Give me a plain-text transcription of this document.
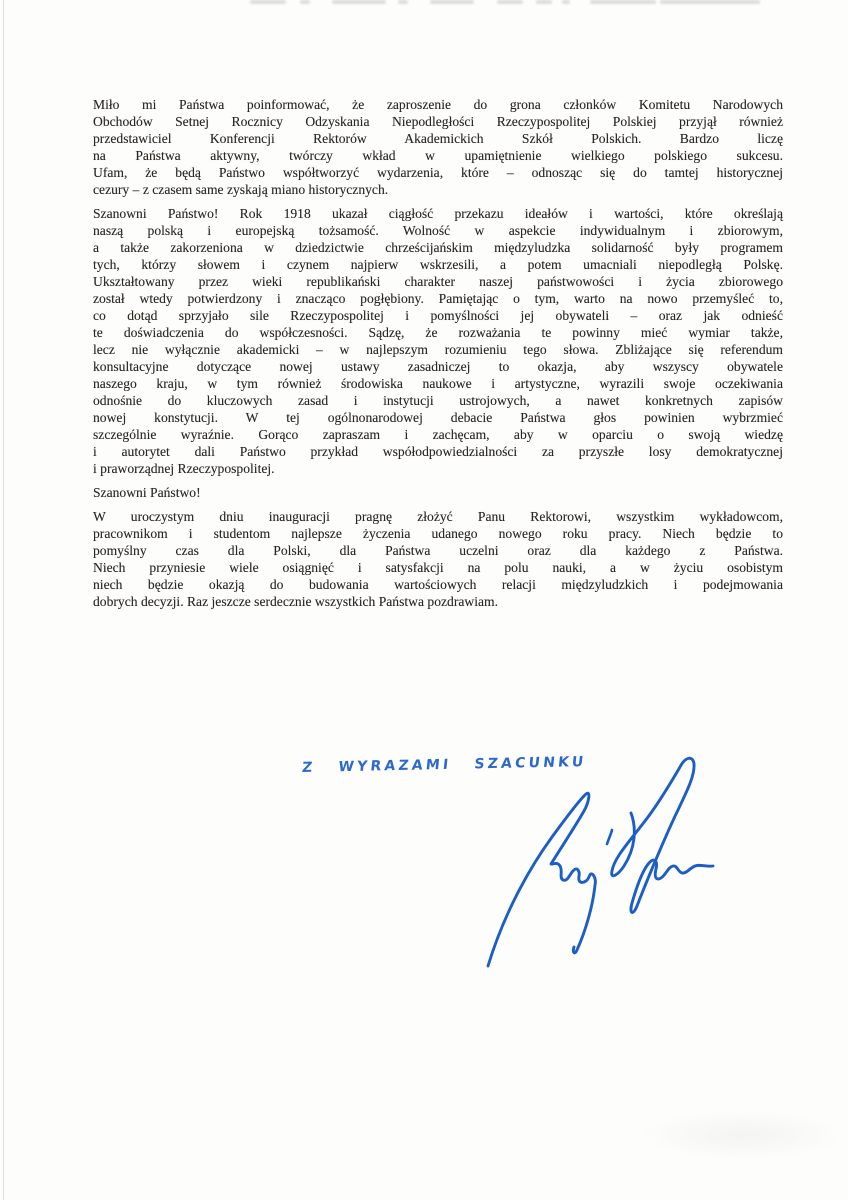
Miło mi Państwa poinformować, że zaproszenie do grona członków Komitetu Narodowych
Obchodów Setnej Rocznicy Odzyskania Niepodległości Rzeczypospolitej Polskiej przyjął również
przedstawiciel Konferencji Rektorów Akademickich Szkół Polskich. Bardzo liczę
na Państwa aktywny, twórczy wkład w upamiętnienie wielkiego polskiego sukcesu.
Ufam, że będą Państwo współtworzyć wydarzenia, które – odnosząc się do tamtej historycznej
cezury – z czasem same zyskają miano historycznych.
Szanowni Państwo! Rok 1918 ukazał ciągłość przekazu ideałów i wartości, które określają
naszą polską i europejską tożsamość. Wolność w aspekcie indywidualnym i zbiorowym,
a także zakorzeniona w dziedzictwie chrześcijańskim międzyludzka solidarność były programem
tych, którzy słowem i czynem najpierw wskrzesili, a potem umacniali niepodległą Polskę.
Ukształtowany przez wieki republikański charakter naszej państwowości i życia zbiorowego
został wtedy potwierdzony i znacząco pogłębiony. Pamiętając o tym, warto na nowo przemyśleć to,
co dotąd sprzyjało sile Rzeczypospolitej i pomyślności jej obywateli – oraz jak odnieść
te doświadczenia do współczesności. Sądzę, że rozważania te powinny mieć wymiar także,
lecz nie wyłącznie akademicki – w najlepszym rozumieniu tego słowa. Zbliżające się referendum
konsultacyjne dotyczące nowej ustawy zasadniczej to okazja, aby wszyscy obywatele
naszego kraju, w tym również środowiska naukowe i artystyczne, wyrazili swoje oczekiwania
odnośnie do kluczowych zasad i instytucji ustrojowych, a nawet konkretnych zapisów
nowej konstytucji. W tej ogólnonarodowej debacie Państwa głos powinien wybrzmieć
szczególnie wyraźnie. Gorąco zapraszam i zachęcam, aby w oparciu o swoją wiedzę
i autorytet dali Państwo przykład współodpowiedzialności za przyszłe losy demokratycznej
i praworządnej Rzeczypospolitej.
Szanowni Państwo!
W uroczystym dniu inauguracji pragnę złożyć Panu Rektorowi, wszystkim wykładowcom,
pracownikom i studentom najlepsze życzenia udanego nowego roku pracy. Niech będzie to
pomyślny czas dla Polski, dla Państwa uczelni oraz dla każdego z Państwa.
Niech przyniesie wiele osiągnięć i satysfakcji na polu nauki, a w życiu osobistym
niech będzie okazją do budowania wartościowych relacji międzyludzkich i podejmowania
dobrych decyzji. Raz jeszcze serdecznie wszystkich Państwa pozdrawiam.
Z WYRAZAMI SZACUNKU
